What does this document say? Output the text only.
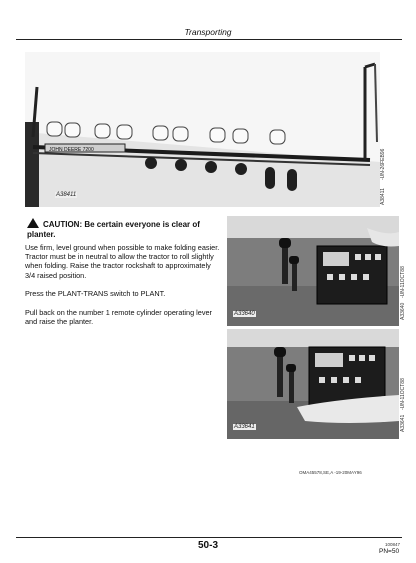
Transporting
JOHN DEERE 7200
A38411	A38411
-UN-26FEB96
CAUTION: Be certain everyone is clear of planter.
Use firm, level ground when possible to make folding easier. Tractor must be in neutral to allow the tractor to roll slightly when folding. Raise the tractor rockshaft to approximately 3/4 raised position.
Press the PLANT-TRANS switch to PLANT.
Pull back on the number 1 remote cylinder operating lever and raise the planter.
A33640	A33640
-UN-11OCT88
A33641	A33641
-UN-11OCT88
OMA45578,SE,A -19-20MAY96
50-3	100847
PN=50
